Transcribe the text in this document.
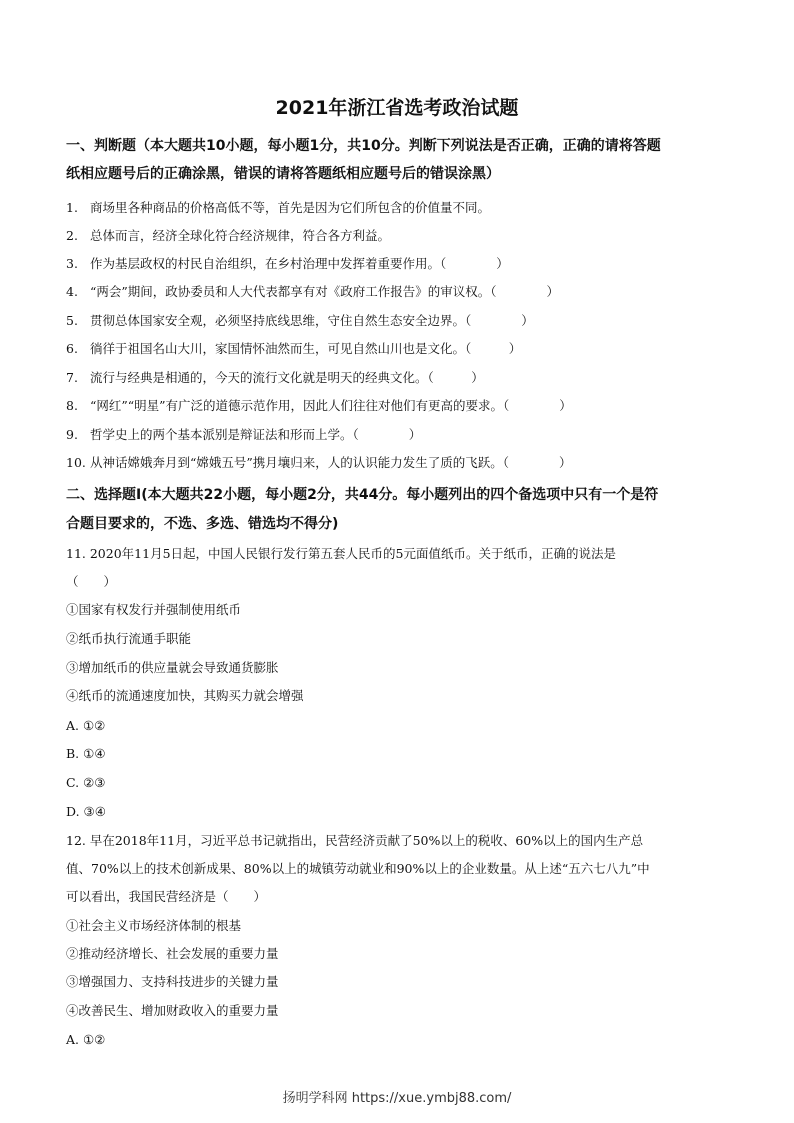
2021年浙江省选考政治试题
一、判断题（本大题共10小题，每小题1分，共10分。判断下列说法是否正确，正确的请将答题
纸相应题号后的正确涂黑，错误的请将答题纸相应题号后的错误涂黑）
1. 商场里各种商品的价格高低不等，首先是因为它们所包含的价值量不同。
2. 总体而言，经济全球化符合经济规律，符合各方利益。
3. 作为基层政权的村民自治组织，在乡村治理中发挥着重要作用。（　　　　）
4. “两会”期间，政协委员和人大代表都享有对《政府工作报告》的审议权。（　　　　）
5. 贯彻总体国家安全观，必须坚持底线思维，守住自然生态安全边界。（　　　　）
6. 徜徉于祖国名山大川，家国情怀油然而生，可见自然山川也是文化。（　　　）
7. 流行与经典是相通的，今天的流行文化就是明天的经典文化。（　　　）
8. “网红”“明星”有广泛的道德示范作用，因此人们往往对他们有更高的要求。（　　　　）
9. 哲学史上的两个基本派别是辩证法和形而上学。（　　　　）
10. 从神话嫦娥奔月到“嫦娥五号”携月壤归来，人的认识能力发生了质的飞跃。（　　　　）
二、选择题Ⅰ(本大题共22小题，每小题2分，共44分。每小题列出的四个备选项中只有一个是符
合题目要求的，不选、多选、错选均不得分)
11. 2020年11月5日起，中国人民银行发行第五套人民币的5元面值纸币。关于纸币，正确的说法是
（　　）
①国家有权发行并强制使用纸币
②纸币执行流通手职能
③增加纸币的供应量就会导致通货膨胀
④纸币的流通速度加快，其购买力就会增强
A. ①②
B. ①④
C. ②③
D. ③④
12. 早在2018年11月，习近平总书记就指出，民营经济贡献了50%以上的税收、60%以上的国内生产总
值、70%以上的技术创新成果、80%以上的城镇劳动就业和90%以上的企业数量。从上述“五六七八九”中
可以看出，我国民营经济是（　　）
①社会主义市场经济体制的根基
②推动经济增长、社会发展的重要力量
③增强国力、支持科技进步的关键力量
④改善民生、增加财政收入的重要力量
A. ①②
扬明学科网 https://xue.ymbj88.com/
